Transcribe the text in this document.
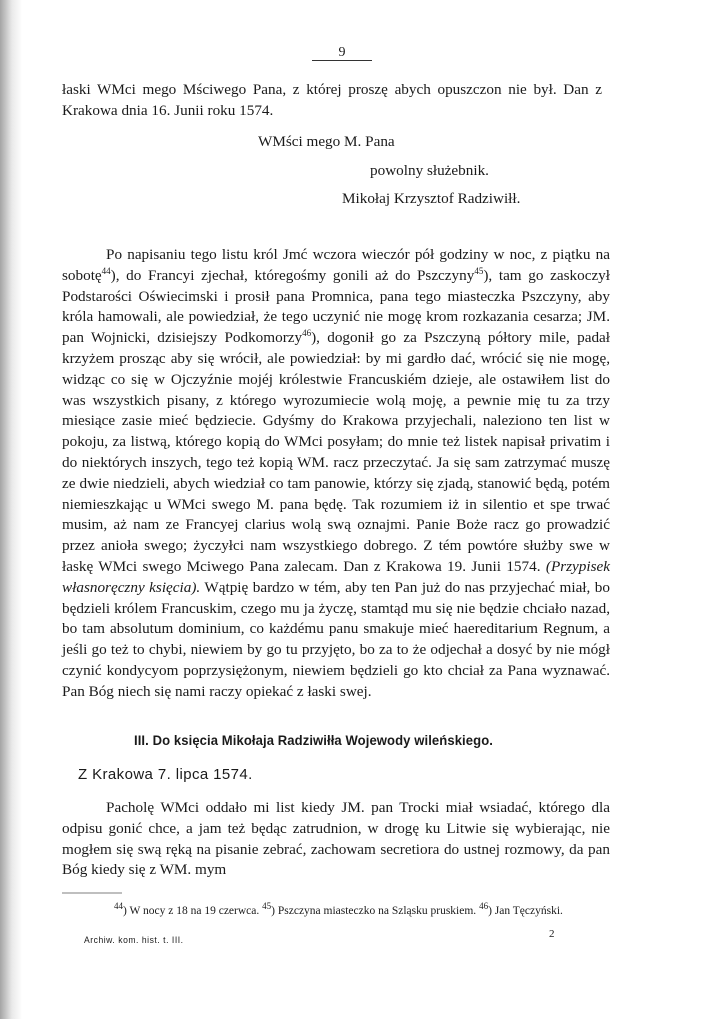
9

łaski WMci mego Mściwego Pana, z której proszę abych opuszczon nie był. Dan z Krakowa dnia 16. Junii roku 1574.

WMści mego M. Pana
powolny służebnik.
Mikołaj Krzysztof Radziwiłł.

Po napisaniu tego listu król Jmć wczora wieczór pół godziny w noc, z piątku na sobotę$^{44}$), do Francyi zjechał, któregośmy gonili aż do Pszczyny$^{45}$), tam go zaskoczył Podstarości Oświecimski i prosił pana Promnica, pana tego miasteczka Pszczyny, aby króla hamowali, ale powiedział, że tego uczynić nie mogę krom rozkazania cesarza; JM. pan Wojnicki, dzisiejszy Podkomorzy$^{46}$), dogonił go za Pszczyną półtory mile, padał krzyżem prosząc aby się wrócił, ale powiedział: by mi gardło dać, wrócić się nie mogę, widząc co się w Ojczyźnie mojéj królestwie Francuskiém dzieje, ale ostawiłem list do was wszystkich pisany, z którego wyrozumiecie wolą moję, a pewnie mię tu za trzy miesiące zasie mieć będziecie. Gdyśmy do Krakowa przyjechali, naleziono ten list w pokoju, za listwą, którego kopią do WMci posyłam; do mnie też listek napisał privatim i do niektórych inszych, tego też kopią WM. racz przeczytać. Ja się sam zatrzymać muszę ze dwie niedzieli, abych wiedział co tam panowie, którzy się zjadą, stanowić będą, potém niemieszkając u WMci swego M. pana będę. Tak rozumiem iż in silentio et spe trwać musim, aż nam ze Francyej clarius wolą swą oznajmi. Panie Boże racz go prowadzić przez anioła swego; życzyłci nam wszystkiego dobrego. Z tém powtóre służby swe w łaskę WMci swego Mciwego Pana zalecam. Dan z Krakowa 19. Junii 1574. (Przypisek własnoręczny księcia). Wątpię bardzo w tém, aby ten Pan już do nas przyjechać miał, bo będzieli królem Francuskim, czego mu ja życzę, stamtąd mu się nie będzie chciało nazad, bo tam absolutum dominium, co każdému panu smakuje mieć haereditarium Regnum, a jeśli go też to chybi, niewiem by go tu przyjęto, bo za to że odjechał a dosyć by nie mógł czynić kondycyom poprzysiężonym, niewiem będzieli go kto chciał za Pana wyznawać. Pan Bóg niech się nami raczy opiekać z łaski swej.

III. Do księcia Mikołaja Radziwiłła Wojewody wileńskiego.
Z Krakowa 7. lipca 1574.

Pacholę WMci oddało mi list kiedy JM. pan Trocki miał wsiadać, którego dla odpisu gonić chce, a jam też będąc zatrudnion, w drogę ku Litwie się wybierając, nie mogłem się swą ręką na pisanie zebrać, zachowam secretiora do ustnej rozmowy, da pan Bóg kiedy się z WM. mym

$^{44}$) W nocy z 18 na 19 czerwca. $^{45}$) Pszczyna miasteczko na Szląsku pruskiem. $^{46}$) Jan Tęczyński.
Archiw. kom. hist. t. III.
2
